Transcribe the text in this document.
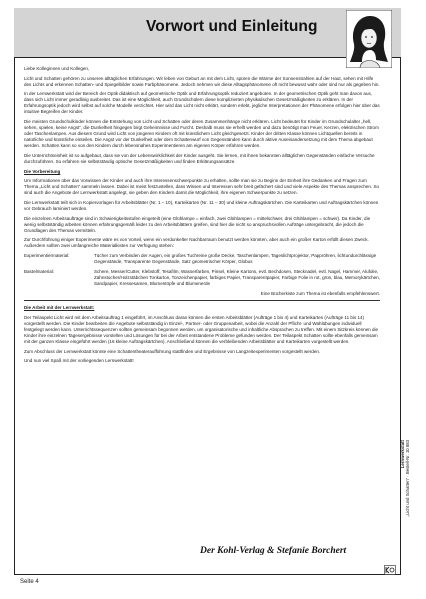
Vorwort und Einleitung

Liebe Kolleginnen und Kollegen,

Licht und Schatten gehören zu unseren alltäglichen Erfahrungen. Wir leben von Geburt an mit dem Licht, spüren die Wärme der Sonnenstrahlen auf der Haut, sehen mit Hilfe des Lichts und erkennen Schatten- und Spiegelbilder sowie Farbphänomene. Jedoch nehmen wir diese Alltagsphänomene oft nicht bewusst wahr oder sind nur als gegeben hin.

In der Lernwerkstatt wird der Bereich der Optik didaktisch auf geometrische Optik und Erfahrungsoptik reduziert angeboten. In der geometrischen Optik geht man davon aus, dass sich Licht immer geradlinig ausbreitet. Das ist eine Möglichkeit, auch Grundschülern diese komplizierten physikalischen Gesetzmäßigkeiten zu erklären. In der Erfahrungsoptik jedoch wird selbst auf solche Modelle verzichtet. Hier wird das Licht nicht erklärt, sondern erlebt, jegliche Interpretationen der Phänomene erfolgen hier über das intuitive Begreifen der Kinder.

Die meisten Grundschulkinder können die Entstehung von Licht und Schatten oder deren Zusammenhänge nicht erklären. Licht bedeutet für Kinder im Grundschulalter „hell, sehen, spielen, keine Angst“, die Dunkelheit hingegen birgt Geheimnisse und Furcht. Deshalb muss sie erhellt werden und dazu benötigt man Feuer, Kerzen, elektrischen Strom oder Taschenlampen. Aus diesem Grund wird Licht von jüngeren Kindern oft mit künstlichem Licht gleichgesetzt. Kinder der dritten Klasse können Lichtquellen bereits in natürliche und künstliche einteilen. Die Angst vor der Dunkelheit oder dem Schattenwurf von Gegenständen kann durch aktive Auseinandersetzung mit dem Thema abgebaut werden. Schatten kann so von den Kindern durch lebensnahes Experimentieren am eigenen Körper erfahren werden.

Die Unterrichtseinheit ist so aufgebaut, dass sie von der Lebenswirklichkeit der Kinder ausgeht. Sie lernen, mit ihnen bekannten alltäglichen Gegenständen einfache Versuche durchzuführen. So erfahren sie selbstständig optische Gesetzmäßigkeiten und finden Erklärungsansätze.

Die Vorbereitung

Um Informationen über das Vorwissen der Kinder und auch ihre Interessenschwerpunkte zu erhalten, sollte man sie zu Beginn der Einheit ihre Gedanken und Fragen zum Thema „Licht und Schatten“ sammeln lassen. Dabei ist meist festzustellen, dass Wissen und Interessen sehr breit gefächert sind und viele Aspekte des Themas ansprechen. So sind auch die Angebote der Lernwerkstatt angelegt, sie geben den Kindern damit die Möglichkeit, ihre eigenen Schwerpunkte zu setzen.

Die Lernwerkstatt teilt sich in Kopiervorlagen für Arbeitsblätter (Nr. 1 – 10), Karteikarten (Nr. 11 – 30) und kleine Auftragskärtchen. Die Karteikarten und Auftragskärtchen können vor Gebrauch laminiert werden.

Die einzelnen Arbeitsaufträge sind in Schwierigkeitsstufen eingeteilt (eine Glühlampe = einfach, zwei Glühlampen = mittelschwer, drei Glühlampen = schwer). Da Kinder, die wenig selbstständig arbeiten können erfahrungsgemäß leider zu den Arbeitsblättern greifen, sind hier die nicht so anspruchsvollen Aufträge untergebracht, die jedoch die Grundlagen des Themas vermitteln.

Zur Durchführung einiger Experimente wäre es von Vorteil, wenn ein verdunkelter Nachbarraum benutzt werden könnten, aber auch ein großer Karton erfüllt diesen Zweck. Außerdem sollten zwei umfangreiche Materialkisten zur Verfügung stehen:

Experimentiermaterial:	Tücher zum Verbinden der Augen, ein großes Tuchreine große Decke, Taschenlampen, Tageslichtprojektor, Pappröhren, lichtundurchlässige Gegenstände, Transparente Gegenstände, Satz geometrischer Körper, Globus
Bastelmaterial:	Schere, Messer/Cutter, Klebstoff, Tesafilm, Wasserfarben, Pinsel, Kleine Kartons, evtl. Bechdosen, Stecknadel, evtl. Nagel, Hammer, Alufolie, Zahnstocher/Holzstäbchen Tonkarton, Tonzeichenpapier, farbiges Papier, Transparentpapier, Farbige Folie in rot, grün, blau, Memorykärtchen, Sandpapier, Kressesamen, Blumentöpfe und Blumenerde

Eine Bücherkiste zum Thema ist ebenfalls empfehlenswert.

Die Arbeit mit der Lernwerkstatt:

Der Teilaspekt Licht wird mit dem Arbeitsauftrag 1 eingeführt, im Anschluss daran können die ersten Arbeitsblätter (Aufträge 1 bis 4) und Karteikarten (Aufträge 11 bis 14) vorgestellt werden. Die Kinder bearbeiten die Angebote selbstständig in Einzel-, Partner- oder Gruppenarbeit, wobei die Anzahl der Pflicht- und Wahlübungen individuell festgelegt werden kann. Unterrichtssequenzen sollten gemeinsam begonnen werden, um organisatorische und inhaltliche Absprachen zu treffen. Mit einem Sitzkreis können die Kinder ihre einzelnen Tagesergebnisse vorstellen und Lösungen für bei der Arbeit entstandene Probleme gefunden werden. Der Teilaspekt Schatten sollte ebenfalls gemeinsam mit der ganzen Klasse eingeführt werden (16 kleine Auftragskärtchen). Anschließend können die verbleibenden Arbeitsblätter und Karteikarten vorgestellt werden.

Zum Abschluss der Lernwerkstatt könnte eine Schattentheateraufführung stattfinden und Ergebnisse von Langzeitexperimenten vorgestellt werden.

Und nun viel Spaß mit der vorliegenden Lernwerkstatt!

Der Kohl-Verlag & Stefanie Borchert
Lernwerkstatt „Licht und Schatten“ · Bestell-Nr. 10 883
Seite 4
